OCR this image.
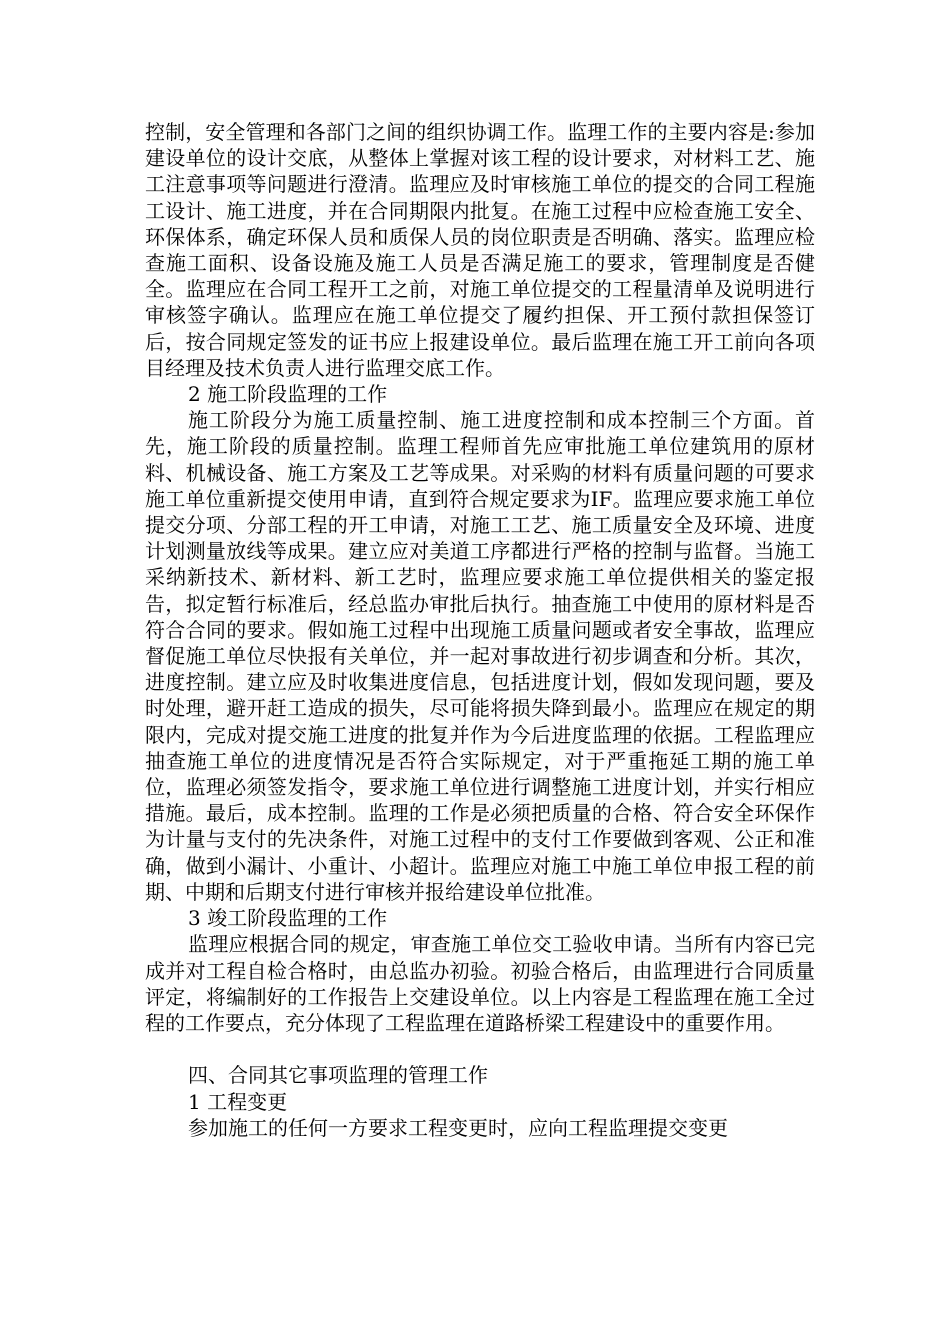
控制，安全管理和各部门之间的组织协调工作。监理工作的主要内容是:参加建设单位的设计交底，从整体上掌握对该工程的设计要求，对材料工艺、施工注意事项等问题进行澄清。监理应及时审核施工单位的提交的合同工程施工设计、施工进度，并在合同期限内批复。在施工过程中应检查施工安全、环保体系，确定环保人员和质保人员的岗位职责是否明确、落实。监理应检查施工面积、设备设施及施工人员是否满足施工的要求，管理制度是否健全。监理应在合同工程开工之前，对施工单位提交的工程量清单及说明进行审核签字确认。监理应在施工单位提交了履约担保、开工预付款担保签订后，按合同规定签发的证书应上报建设单位。最后监理在施工开工前向各项目经理及技术负责人进行监理交底工作。

2 施工阶段监理的工作

施工阶段分为施工质量控制、施工进度控制和成本控制三个方面。首先，施工阶段的质量控制。监理工程师首先应审批施工单位建筑用的原材料、机械设备、施工方案及工艺等成果。对采购的材料有质量问题的可要求施工单位重新提交使用申请，直到符合规定要求为IF。监理应要求施工单位提交分项、分部工程的开工申请，对施工工艺、施工质量安全及环境、进度计划测量放线等成果。建立应对美道工序都进行严格的控制与监督。当施工采纳新技术、新材料、新工艺时，监理应要求施工单位提供相关的鉴定报告，拟定暂行标准后，经总监办审批后执行。抽查施工中使用的原材料是否符合合同的要求。假如施工过程中出现施工质量问题或者安全事故，监理应督促施工单位尽快报有关单位，并一起对事故进行初步调查和分析。其次，进度控制。建立应及时收集进度信息，包括进度计划，假如发现问题，要及时处理，避开赶工造成的损失，尽可能将损失降到最小。监理应在规定的期限内，完成对提交施工进度的批复并作为今后进度监理的依据。工程监理应抽查施工单位的进度情况是否符合实际规定，对于严重拖延工期的施工单位，监理必须签发指令，要求施工单位进行调整施工进度计划，并实行相应措施。最后，成本控制。监理的工作是必须把质量的合格、符合安全环保作为计量与支付的先决条件，对施工过程中的支付工作要做到客观、公正和准确，做到小漏计、小重计、小超计。监理应对施工中施工单位申报工程的前期、中期和后期支付进行审核并报给建设单位批准。

3 竣工阶段监理的工作

监理应根据合同的规定，审查施工单位交工验收申请。当所有内容已完成并对工程自检合格时，由总监办初验。初验合格后，由监理进行合同质量评定，将编制好的工作报告上交建设单位。以上内容是工程监理在施工全过程的工作要点，充分体现了工程监理在道路桥梁工程建设中的重要作用。

四、合同其它事项监理的管理工作

1 工程变更

参加施工的任何一方要求工程变更时，应向工程监理提交变更
